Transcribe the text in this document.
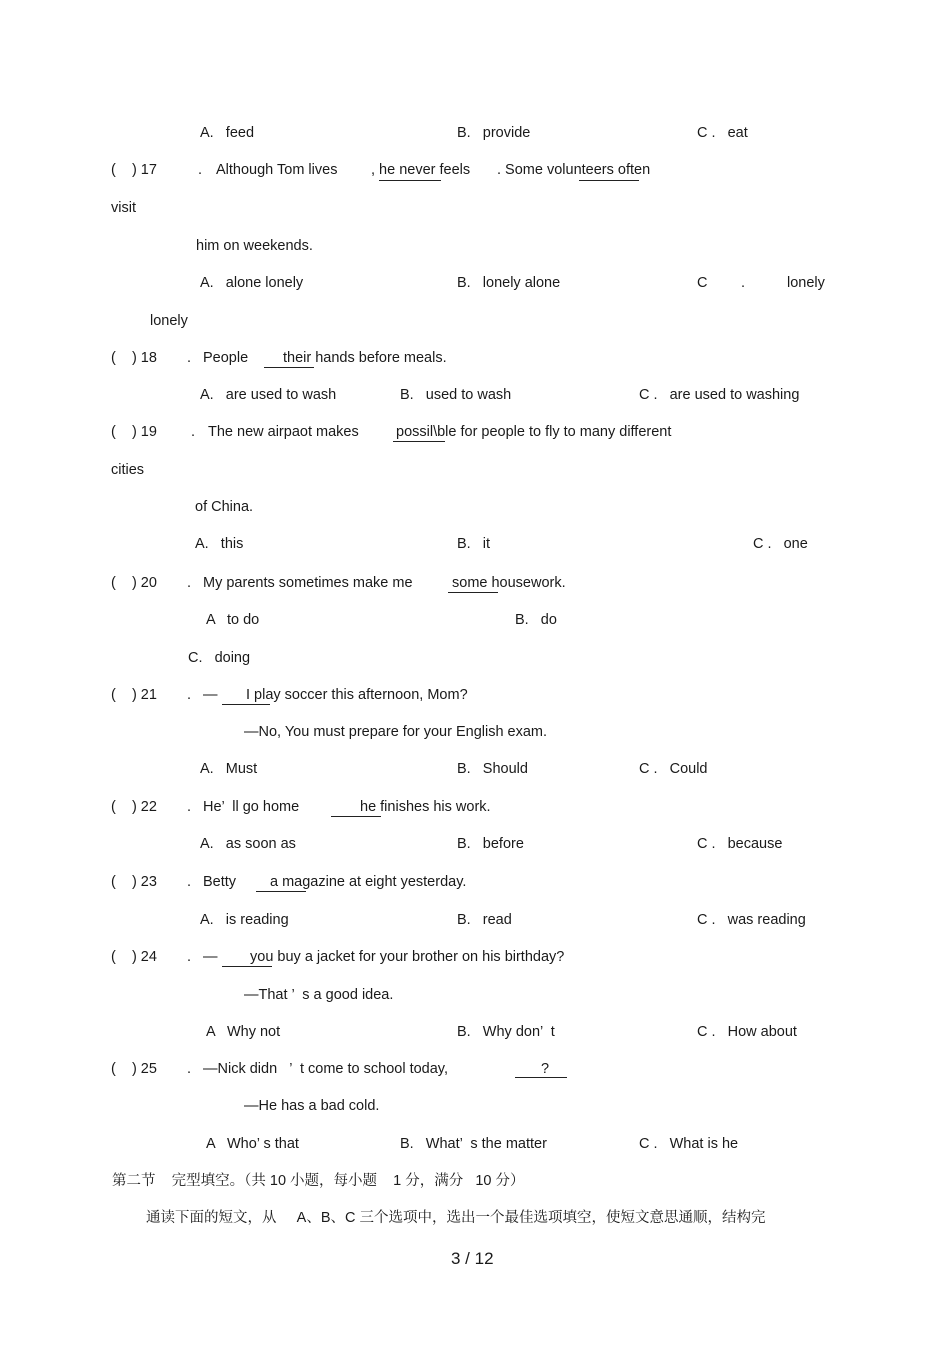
A.   feed	B.   provide	C .   eat
(    ) 17	. Although Tom lives , he never feels . Some volunteers often
visit
him on weekends.
A.   alone lonely	B.   lonely alone	C .	lonely
lonely
(    ) 18 . People their hands before meals.
A.   are used to wash	B.   used to wash	C .   are used to washing
(    ) 19 . The new airpaot makes	possil\ble for people to fly to many different
cities
of China.
A.   this	B.   it	C .   one
(    ) 20 . My parents sometimes make me	some housework.
A   to do	B.   do
C.   doing
(    ) 21 . — I play soccer this afternoon, Mom?
—No, You must prepare for your English exam.
A.   Must	B.   Should	C .   Could
(    ) 22 . He’  ll go home	he finishes his work.
A.   as soon as	B.   before	C .   because
(    ) 23 . Betty a magazine at eight yesterday.
A.   is reading	B.   read	C .   was reading
(    ) 24 . — you buy a jacket for your brother on his birthday?
—That ’  s a good idea.
A   Why not	B.   Why don’  t	C .   How about
(    ) 25 . —Nick didn   ’  t come to school today,	?
—He has a bad cold.
A   Who’ s that	B.   What’  s the matter	C .   What is he
第二节    完型填空。（共 10 小题，每小题    1 分，满分   10 分）
通读下面的短文，从     A、B、C 三个选项中，选出一个最佳选项填空，使短文意思通顺，结构完
3 / 12
